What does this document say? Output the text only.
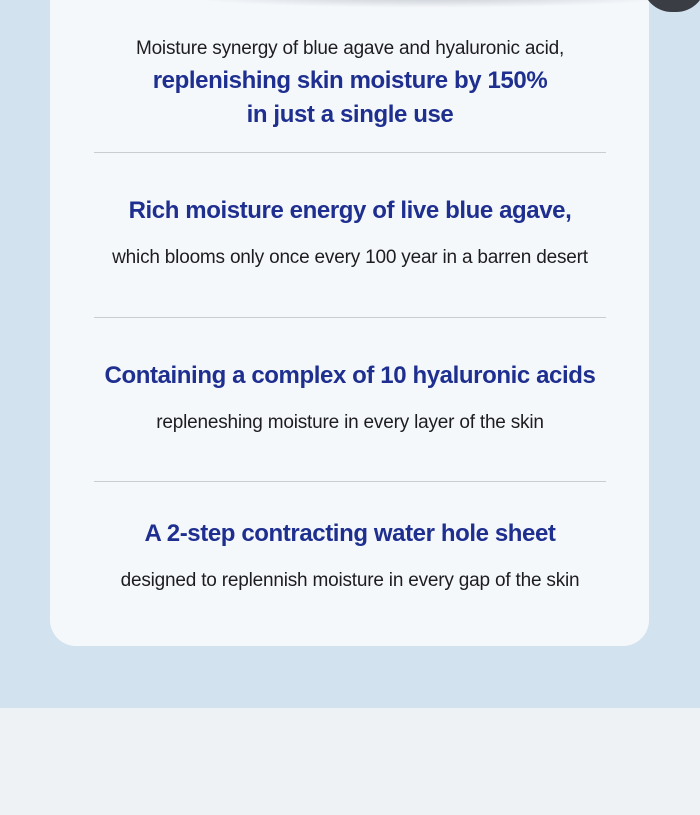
Moisture synergy of blue agave and hyaluronic acid,
replenishing skin moisture by 150%
in just a single use
Rich moisture energy of live blue agave,
which blooms only once every 100 year in a barren desert
Containing a complex of 10 hyaluronic acids
repleneshing moisture in every layer of the skin
A 2-step contracting water hole sheet
designed to replennish moisture in every gap of the skin
